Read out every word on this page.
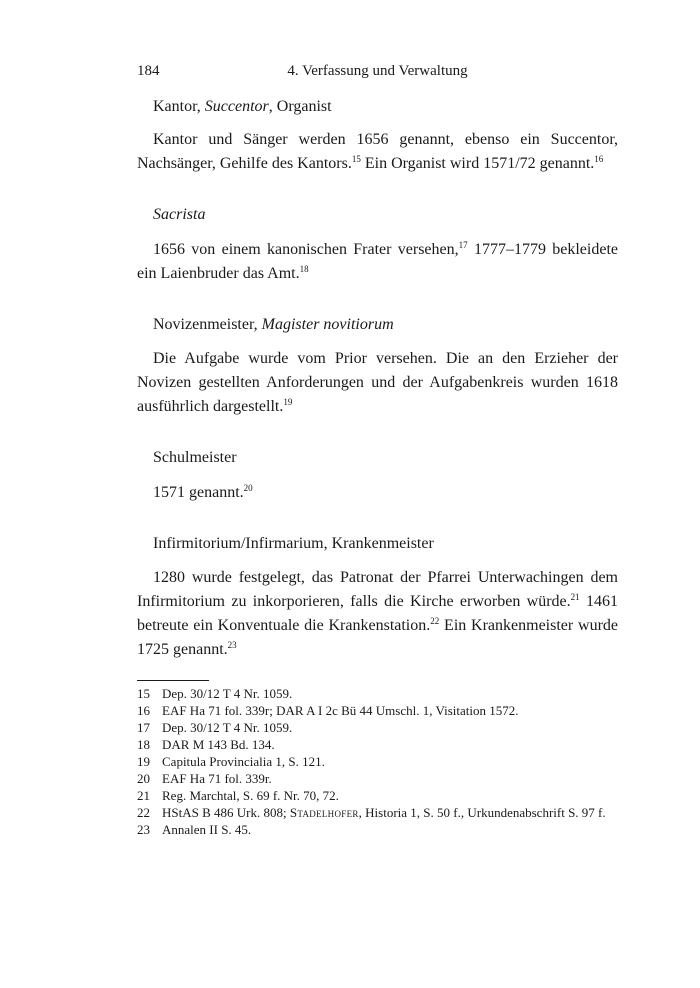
184	4. Verfassung und Verwaltung

Kantor, Succentor, Organist

Kantor und Sänger werden 1656 genannt, ebenso ein Succentor, Nachsänger, Gehilfe des Kantors.$^{15}$ Ein Organist wird 1571/72 genannt.$^{16}$

Sacrista

1656 von einem kanonischen Frater versehen,$^{17}$ 1777–1779 bekleidete ein Laienbruder das Amt.$^{18}$

Novizenmeister, Magister novitiorum

Die Aufgabe wurde vom Prior versehen. Die an den Erzieher der Novizen gestellten Anforderungen und der Aufgabenkreis wurden 1618 ausführlich dargestellt.$^{19}$

Schulmeister

1571 genannt.$^{20}$

Infirmitorium/Infirmarium, Krankenmeister

1280 wurde festgelegt, das Patronat der Pfarrei Unterwachingen dem Infirmitorium zu inkorporieren, falls die Kirche erworben würde.$^{21}$ 1461 betreute ein Konventuale die Krankenstation.$^{22}$ Ein Krankenmeister wurde 1725 genannt.$^{23}$

15 Dep. 30/12 T 4 Nr. 1059.
16 EAF Ha 71 fol. 339r; DAR A I 2c Bü 44 Umschl. 1, Visitation 1572.
17 Dep. 30/12 T 4 Nr. 1059.
18 DAR M 143 Bd. 134.
19 Capitula Provincialia 1, S. 121.
20 EAF Ha 71 fol. 339r.
21 Reg. Marchtal, S. 69 f. Nr. 70, 72.
22 HStAS B 486 Urk. 808; Stadelhofer, Historia 1, S. 50 f., Urkundenabschrift S. 97 f.
23 Annalen II S. 45.
